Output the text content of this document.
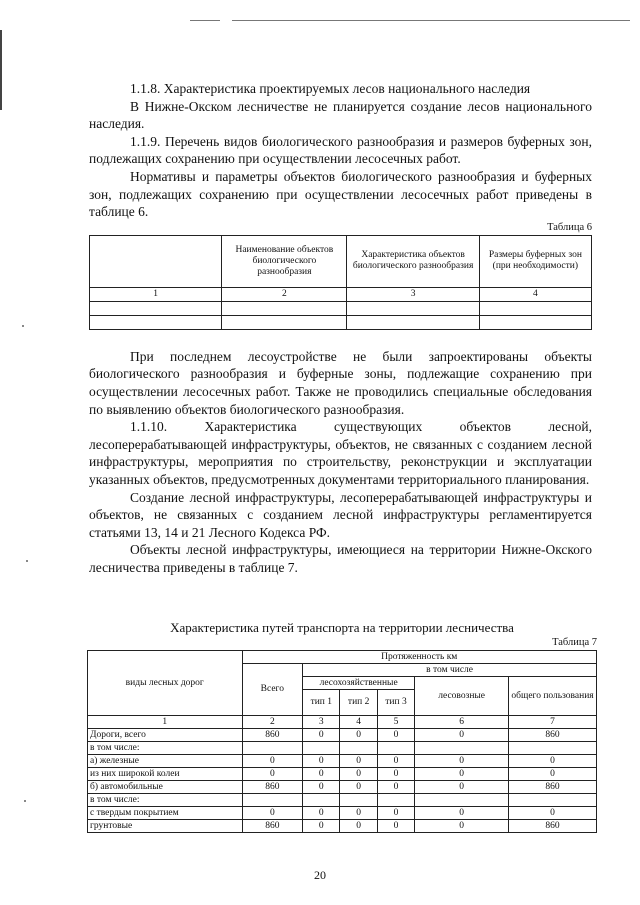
1.1.8. Характеристика проектируемых лесов национального наследия

В Нижне-Окском лесничестве не планируется создание лесов национального наследия.

1.1.9. Перечень видов биологического разнообразия и размеров буферных зон, подлежащих сохранению при осуществлении лесосечных работ.

Нормативы и параметры объектов биологического разнообразия и буферных зон, подлежащих сохранению при осуществлении лесосечных работ приведены в таблице 6.

Таблица 6
	Наименование объектов биологического разнообразия	Характеристика объектов биологического разнообразия	Размеры буферных зон (при необходимости)
1	2	3	4

При последнем лесоустройстве не были запроектированы объекты биологического разнообразия и буферные зоны, подлежащие сохранению при осуществлении лесосечных работ. Также не проводились специальные обследования по выявлению объектов биологического разнообразия.

1.1.10. Характеристика существующих объектов лесной, лесоперерабатывающей инфраструктуры, объектов, не связанных с созданием лесной инфраструктуры, мероприятия по строительству, реконструкции и эксплуатации указанных объектов, предусмотренных документами территориального планирования.

Создание лесной инфраструктуры, лесоперерабатывающей инфраструктуры и объектов, не связанных с созданием лесной инфраструктуры регламентируется статьями 13, 14 и 21 Лесного Кодекса РФ.

Объекты лесной инфраструктуры, имеющиеся на территории Нижне-Окского лесничества приведены в таблице 7.

Характеристика путей транспорта на территории лесничества
Таблица 7
виды лесных дорог	Протяженность км					
	Всего	в том числе				
		лесохозяйственные			лесовозные	общего пользования
		тип 1	тип 2	тип 3		
1	2	3	4	5	6	7
Дороги, всего	860	0	0	0	0	860
в том числе:						
а) железные	0	0	0	0	0	0
из них широкой колеи	0	0	0	0	0	0
б) автомобильные	860	0	0	0	0	860
в том числе:						
с твердым покрытием	0	0	0	0	0	0
грунтовые	860	0	0	0	0	860
20
